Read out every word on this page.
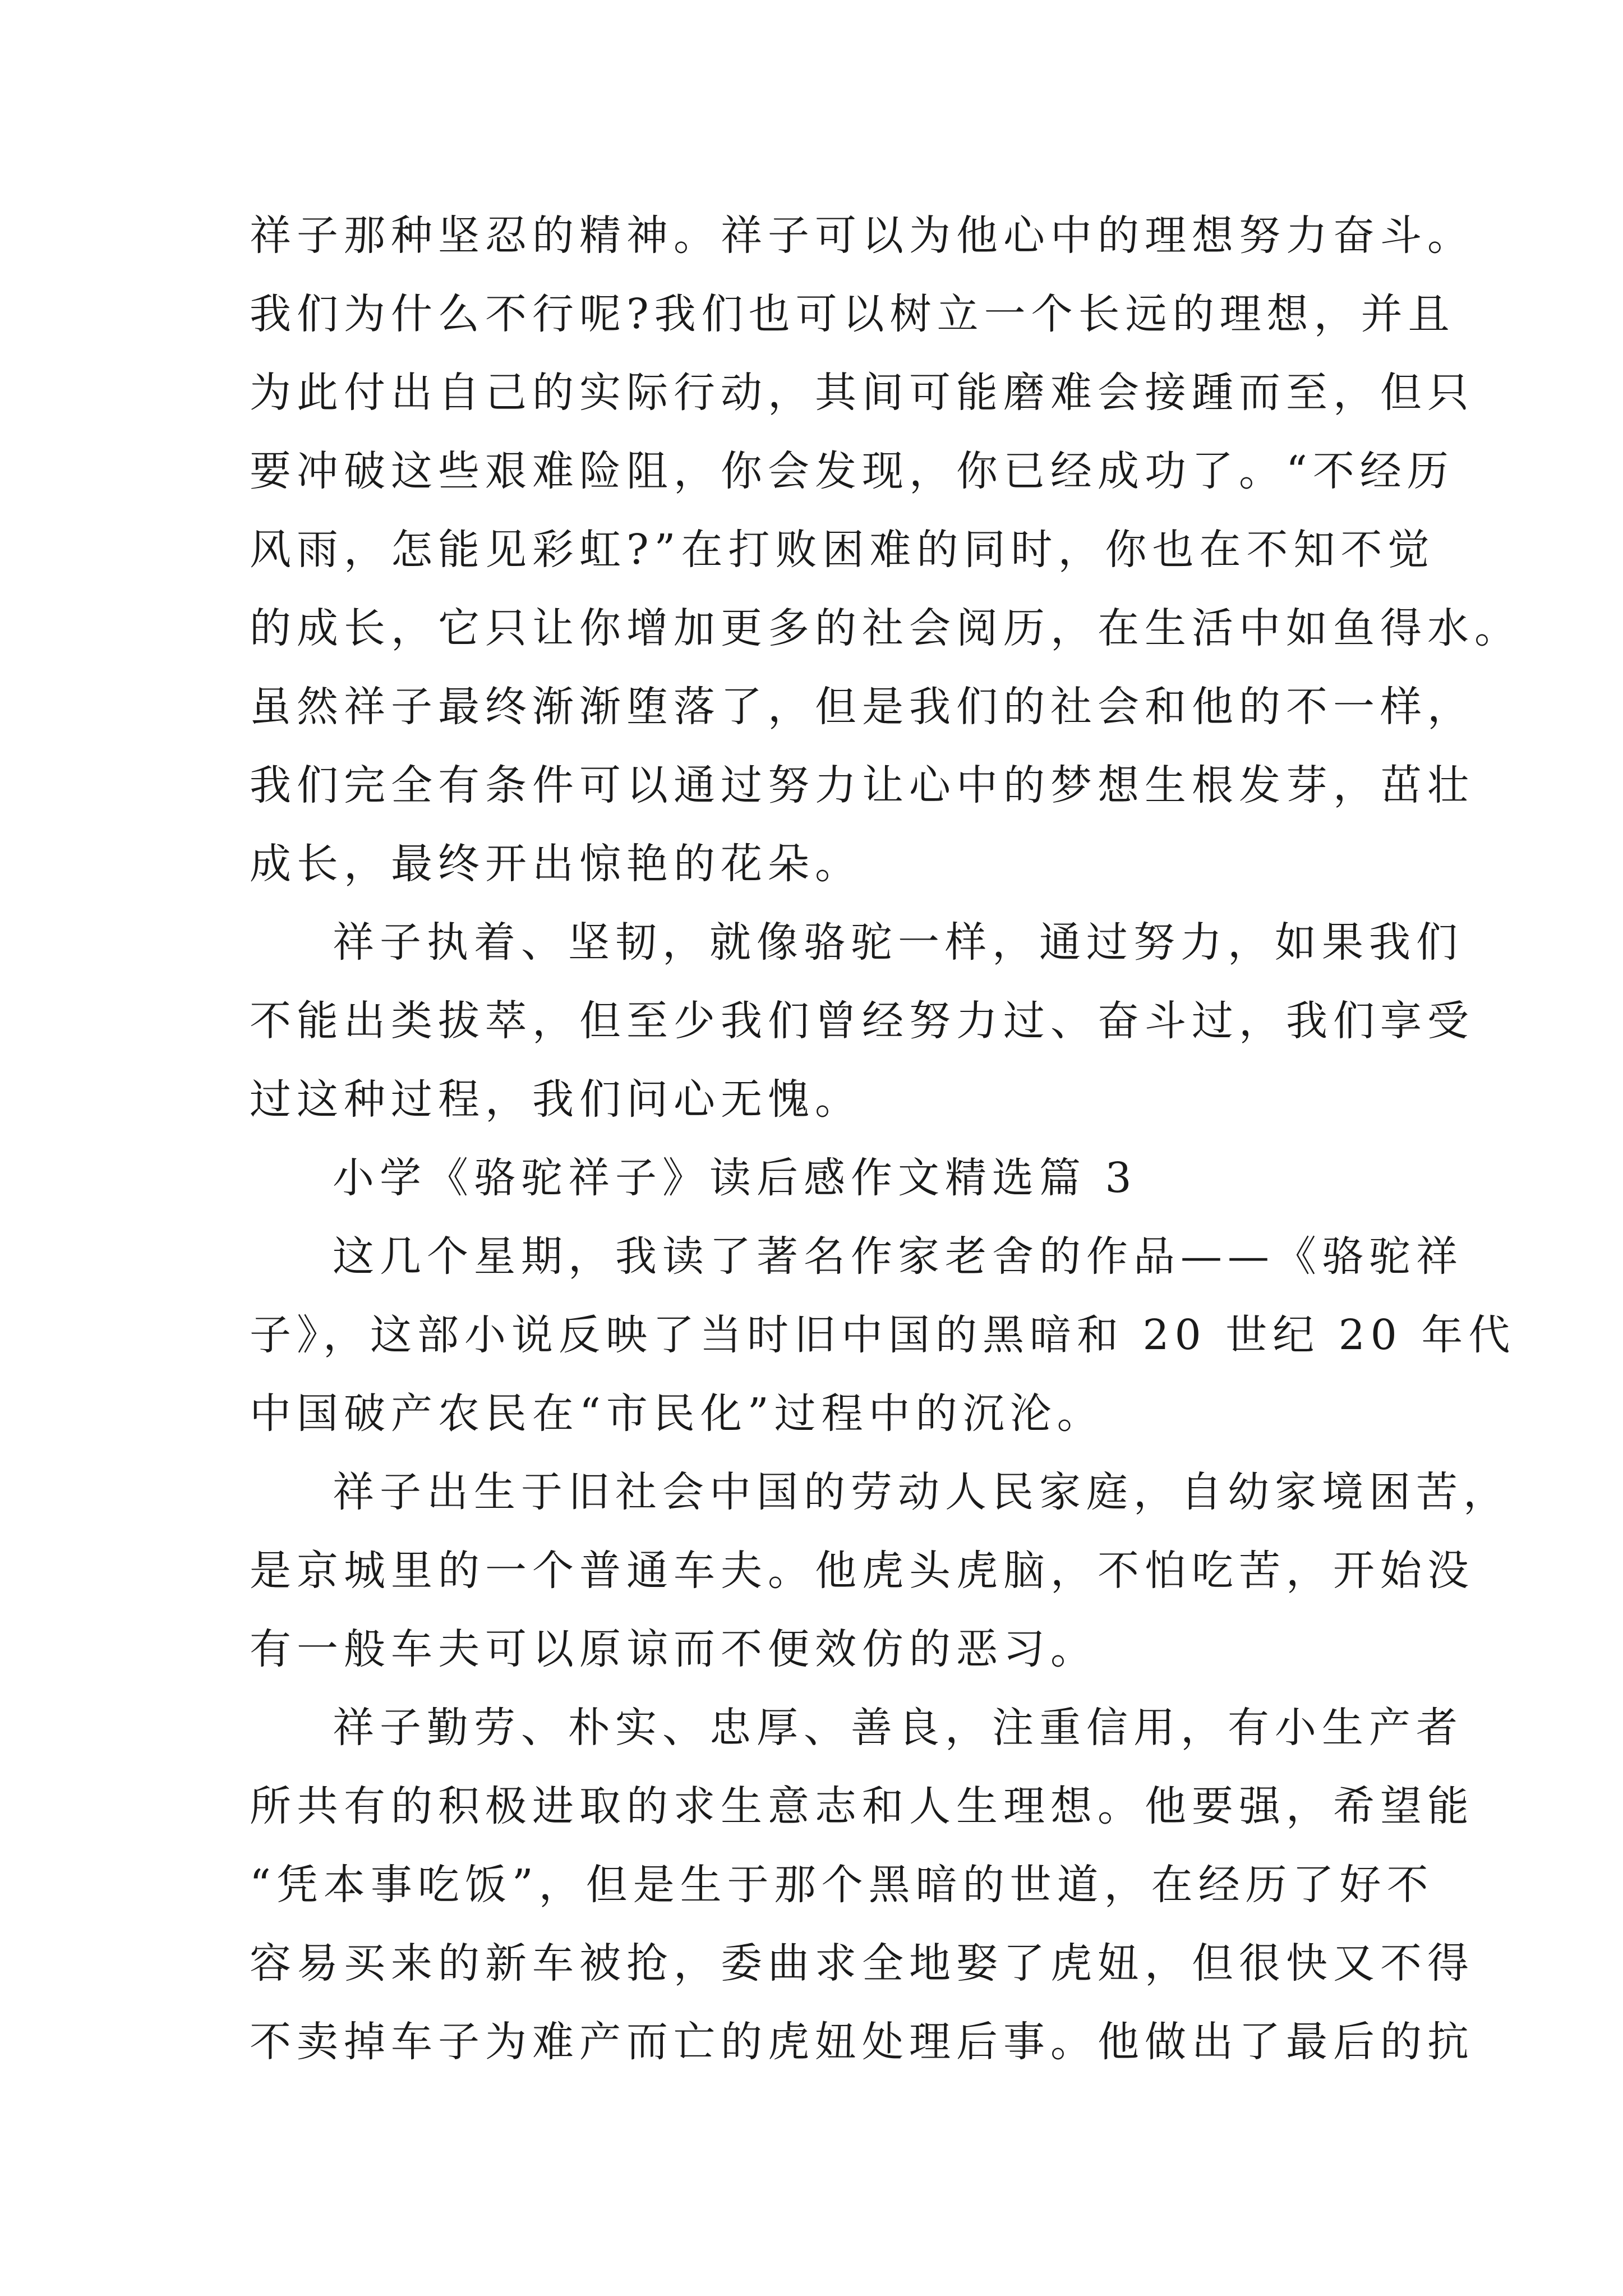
祥子那种坚忍的精神。祥子可以为他心中的理想努力奋斗。
我们为什么不行呢?我们也可以树立一个长远的理想，并且
为此付出自己的实际行动，其间可能磨难会接踵而至，但只
要冲破这些艰难险阻，你会发现，你已经成功了。“不经历
风雨，怎能见彩虹?”在打败困难的同时，你也在不知不觉
的成长，它只让你增加更多的社会阅历，在生活中如鱼得水。
虽然祥子最终渐渐堕落了，但是我们的社会和他的不一样，
我们完全有条件可以通过努力让心中的梦想生根发芽，茁壮
成长，最终开出惊艳的花朵。

祥子执着、坚韧，就像骆驼一样，通过努力，如果我们
不能出类拔萃，但至少我们曾经努力过、奋斗过，我们享受
过这种过程，我们问心无愧。

小学《骆驼祥子》读后感作文精选篇 3

这几个星期，我读了著名作家老舍的作品——《骆驼祥
子》，这部小说反映了当时旧中国的黑暗和 20 世纪 20 年代
中国破产农民在“市民化”过程中的沉沦。

祥子出生于旧社会中国的劳动人民家庭，自幼家境困苦，
是京城里的一个普通车夫。他虎头虎脑，不怕吃苦，开始没
有一般车夫可以原谅而不便效仿的恶习。

祥子勤劳、朴实、忠厚、善良，注重信用，有小生产者
所共有的积极进取的求生意志和人生理想。他要强，希望能
“凭本事吃饭”，但是生于那个黑暗的世道，在经历了好不
容易买来的新车被抢，委曲求全地娶了虎妞，但很快又不得
不卖掉车子为难产而亡的虎妞处理后事。他做出了最后的抗
